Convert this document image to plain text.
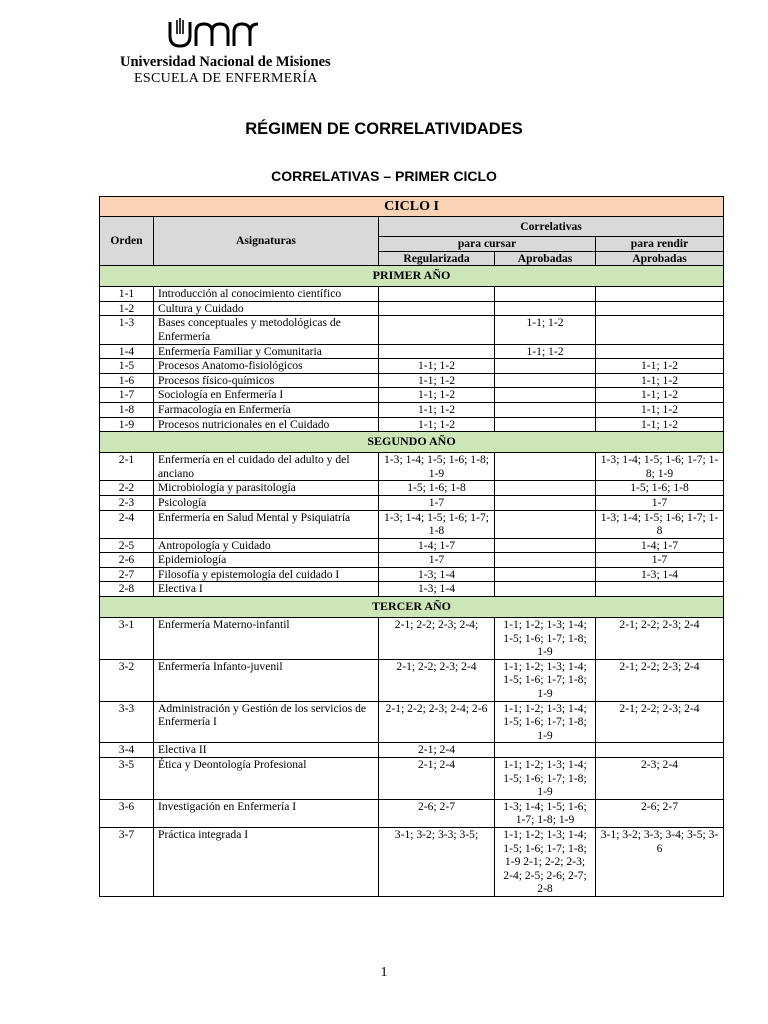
Universidad Nacional de Misiones
ESCUELA DE ENFERMERÍA
RÉGIMEN DE CORRELATIVIDADES
CORRELATIVAS – PRIMER CICLO
CICLO I				
Orden	Asignaturas	Correlativas		
		para cursar		para rendir
		Regularizada	Aprobadas	Aprobadas
PRIMER AÑO				
1-1	Introducción al conocimiento científico			
1-2	Cultura y Cuidado			
1-3	Bases conceptuales y metodológicas de Enfermería		1-1; 1-2	
1-4	Enfermería Familiar y Comunitaria		1-1; 1-2	
1-5	Procesos Anatomo-fisiológicos	1-1; 1-2		1-1; 1-2
1-6	Procesos físico-químicos	1-1; 1-2		1-1; 1-2
1-7	Sociología en Enfermería I	1-1; 1-2		1-1; 1-2
1-8	Farmacología en Enfermería	1-1; 1-2		1-1; 1-2
1-9	Procesos nutricionales en el Cuidado	1-1; 1-2		1-1; 1-2
SEGUNDO AÑO				
2-1	Enfermería en el cuidado del adulto y del anciano	1-3; 1-4; 1-5; 1-6; 1-8; 1-9		1-3; 1-4; 1-5; 1-6; 1-7; 1-8; 1-9
2-2	Microbiología y parasitología	1-5; 1-6; 1-8		1-5; 1-6; 1-8
2-3	Psicología	1-7		1-7
2-4	Enfermería en Salud Mental y Psiquiatría	1-3; 1-4; 1-5; 1-6; 1-7; 1-8		1-3; 1-4; 1-5; 1-6; 1-7; 1-8
2-5	Antropología y Cuidado	1-4; 1-7		1-4; 1-7
2-6	Epidemiología	1-7		1-7
2-7	Filosofía y epistemología del cuidado I	1-3; 1-4		1-3; 1-4
2-8	Electiva I	1-3; 1-4		
TERCER AÑO				
3-1	Enfermería Materno-infantil	2-1; 2-2; 2-3; 2-4;	1-1; 1-2; 1-3; 1-4; 1-5; 1-6; 1-7; 1-8; 1-9	2-1; 2-2; 2-3; 2-4
3-2	Enfermería Infanto-juvenil	2-1; 2-2; 2-3; 2-4	1-1; 1-2; 1-3; 1-4; 1-5; 1-6; 1-7; 1-8; 1-9	2-1; 2-2; 2-3; 2-4
3-3	Administración y Gestión de los servicios de Enfermería I	2-1; 2-2; 2-3; 2-4; 2-6	1-1; 1-2; 1-3; 1-4; 1-5; 1-6; 1-7; 1-8; 1-9	2-1; 2-2; 2-3; 2-4
3-4	Electiva II	2-1; 2-4		
3-5	Ética y Deontología Profesional	2-1; 2-4	1-1; 1-2; 1-3; 1-4; 1-5; 1-6; 1-7; 1-8; 1-9	2-3; 2-4
3-6	Investigación en Enfermería I	2-6; 2-7	1-3; 1-4; 1-5; 1-6; 1-7; 1-8; 1-9	2-6; 2-7
3-7	Práctica integrada I	3-1; 3-2; 3-3; 3-5;	1-1; 1-2; 1-3; 1-4; 1-5; 1-6; 1-7; 1-8; 1-9 2-1; 2-2; 2-3; 2-4; 2-5; 2-6; 2-7; 2-8	3-1; 3-2; 3-3; 3-4; 3-5; 3-6
1
